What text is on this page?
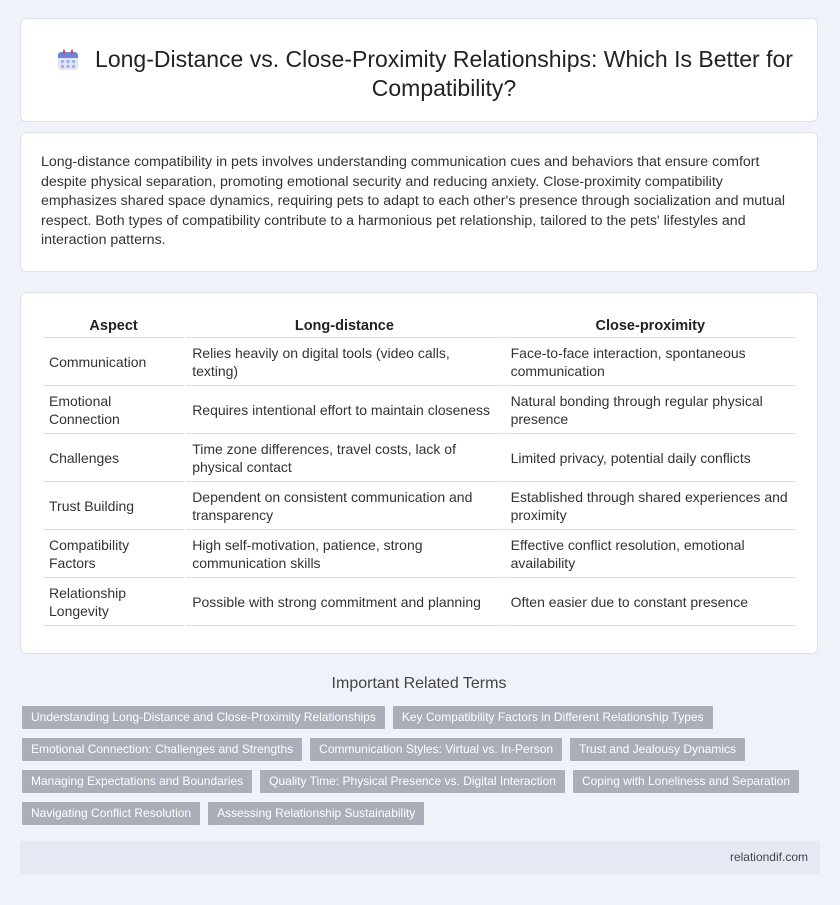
Long-Distance vs. Close-Proximity Relationships: Which Is Better for Compatibility?

Long-distance compatibility in pets involves understanding communication cues and behaviors that ensure comfort despite physical separation, promoting emotional security and reducing anxiety. Close-proximity compatibility emphasizes shared space dynamics, requiring pets to adapt to each other's presence through socialization and mutual respect. Both types of compatibility contribute to a harmonious pet relationship, tailored to the pets' lifestyles and interaction patterns.

Aspect	Long-distance	Close-proximity
Communication	Relies heavily on digital tools (video calls, texting)	Face-to-face interaction, spontaneous communication
Emotional Connection	Requires intentional effort to maintain closeness	Natural bonding through regular physical presence
Challenges	Time zone differences, travel costs, lack of physical contact	Limited privacy, potential daily conflicts
Trust Building	Dependent on consistent communication and transparency	Established through shared experiences and proximity
Compatibility Factors	High self-motivation, patience, strong communication skills	Effective conflict resolution, emotional availability
Relationship Longevity	Possible with strong commitment and planning	Often easier due to constant presence
Important Related Terms
Understanding Long-Distance and Close-Proximity Relationships	Key Compatibility Factors in Different Relationship Types
Emotional Connection: Challenges and Strengths	Communication Styles: Virtual vs. In-Person	Trust and Jealousy Dynamics
Managing Expectations and Boundaries	Quality Time: Physical Presence vs. Digital Interaction	Coping with Loneliness and Separation
Navigating Conflict Resolution	Assessing Relationship Sustainability
relationdif.com
